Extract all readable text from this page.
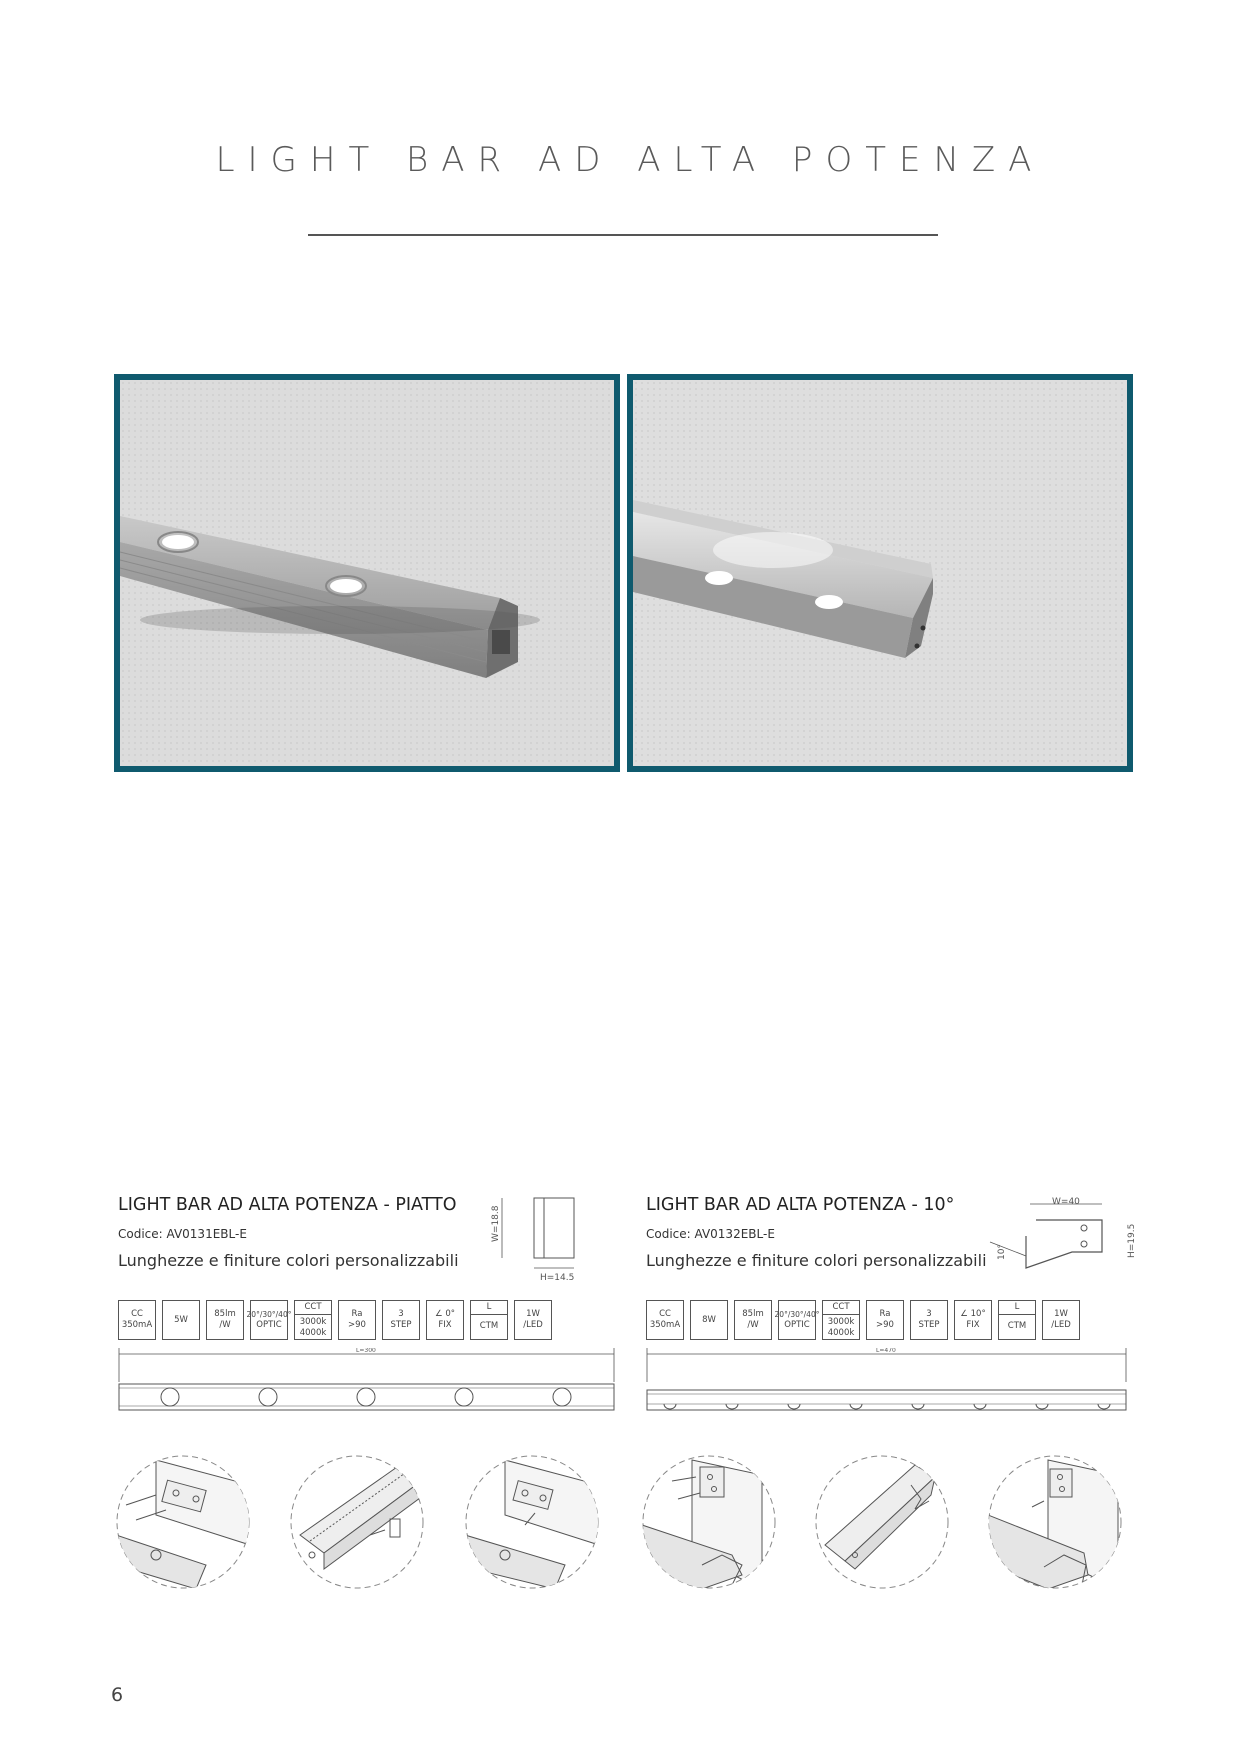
LIGHT BAR AD ALTA POTENZA
LIGHT BAR AD ALTA POTENZA - PIATTO
Codice: AV0131EBL-E
Lunghezze e finiture colori personalizzabili
W=18.8
H=14.5
LIGHT BAR AD ALTA POTENZA - 10°
Codice: AV0132EBL-E
Lunghezze e finiture colori personalizzabili
W=40
10°	H=19.5
CC
350mA
5W
85lm
/W
20°/30°/40°
OPTIC
CCT
3000k
4000k
Ra
>90
3
STEP
∠ 0°
FIX
L
CTM
1W
/LED
CC
350mA
8W
85lm
/W
20°/30°/40°
OPTIC
CCT
3000k
4000k
Ra
>90
3
STEP
∠ 10°
FIX
L
CTM
1W
/LED
L=300	L=470
6
